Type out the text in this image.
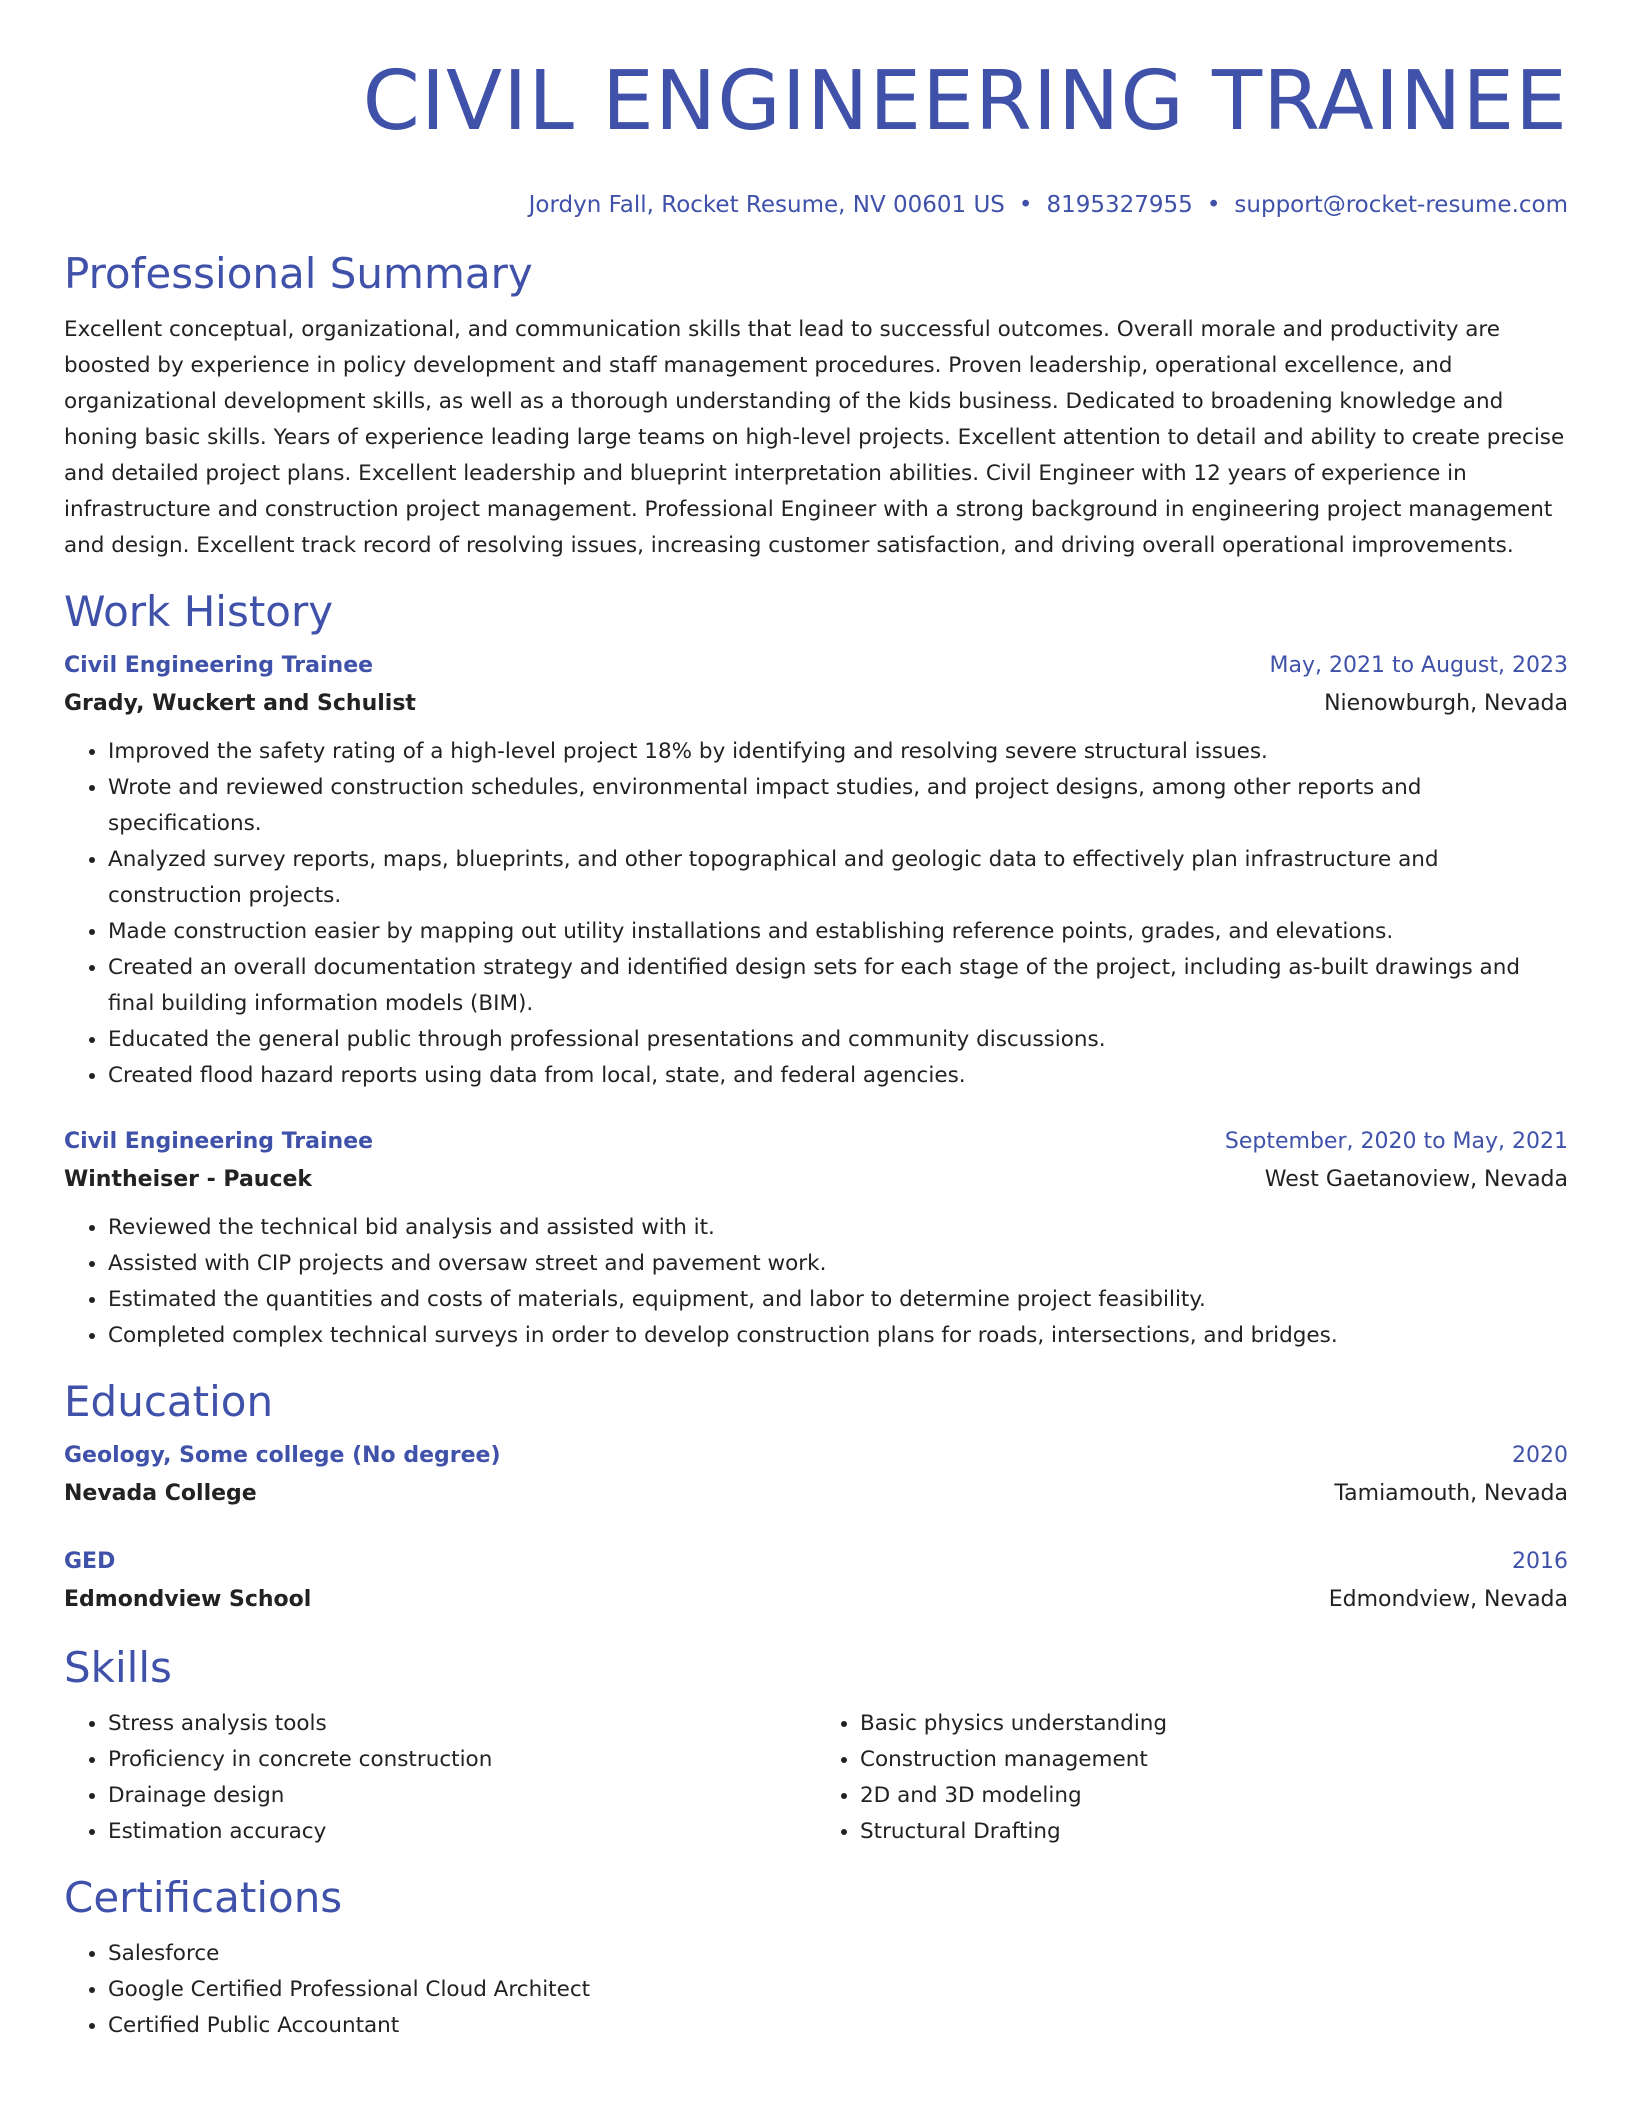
CIVIL ENGINEERING TRAINEE
Jordyn Fall, Rocket Resume, NV 00601 US • 8195327955 • support@rocket-resume.com
Professional Summary

Excellent conceptual, organizational, and communication skills that lead to successful outcomes. Overall morale and productivity are boosted by experience in policy development and staff management procedures. Proven leadership, operational excellence, and organizational development skills, as well as a thorough understanding of the kids business. Dedicated to broadening knowledge and honing basic skills. Years of experience leading large teams on high-level projects. Excellent attention to detail and ability to create precise and detailed project plans. Excellent leadership and blueprint interpretation abilities. Civil Engineer with 12 years of experience in infrastructure and construction project management. Professional Engineer with a strong background in engineering project management and design. Excellent track record of resolving issues, increasing customer satisfaction, and driving overall operational improvements.

Work History
Civil Engineering Trainee	May, 2021 to August, 2023
Grady, Wuckert and Schulist	Nienowburgh, Nevada
• Improved the safety rating of a high-level project 18% by identifying and resolving severe structural issues.
• Wrote and reviewed construction schedules, environmental impact studies, and project designs, among other reports and specifications.
• Analyzed survey reports, maps, blueprints, and other topographical and geologic data to effectively plan infrastructure and construction projects.
• Made construction easier by mapping out utility installations and establishing reference points, grades, and elevations.
• Created an overall documentation strategy and identified design sets for each stage of the project, including as-built drawings and final building information models (BIM).
• Educated the general public through professional presentations and community discussions.
• Created flood hazard reports using data from local, state, and federal agencies.
Civil Engineering Trainee	September, 2020 to May, 2021
Wintheiser - Paucek	West Gaetanoview, Nevada
• Reviewed the technical bid analysis and assisted with it.
• Assisted with CIP projects and oversaw street and pavement work.
• Estimated the quantities and costs of materials, equipment, and labor to determine project feasibility.
• Completed complex technical surveys in order to develop construction plans for roads, intersections, and bridges.
Education
Geology, Some college (No degree)	2020
Nevada College	Tamiamouth, Nevada
GED	2016
Edmondview School	Edmondview, Nevada
Skills
• Stress analysis tools
• Proficiency in concrete construction
• Drainage design
• Estimation accuracy
• Basic physics understanding
• Construction management
• 2D and 3D modeling
• Structural Drafting
Certifications
• Salesforce
• Google Certified Professional Cloud Architect
• Certified Public Accountant
